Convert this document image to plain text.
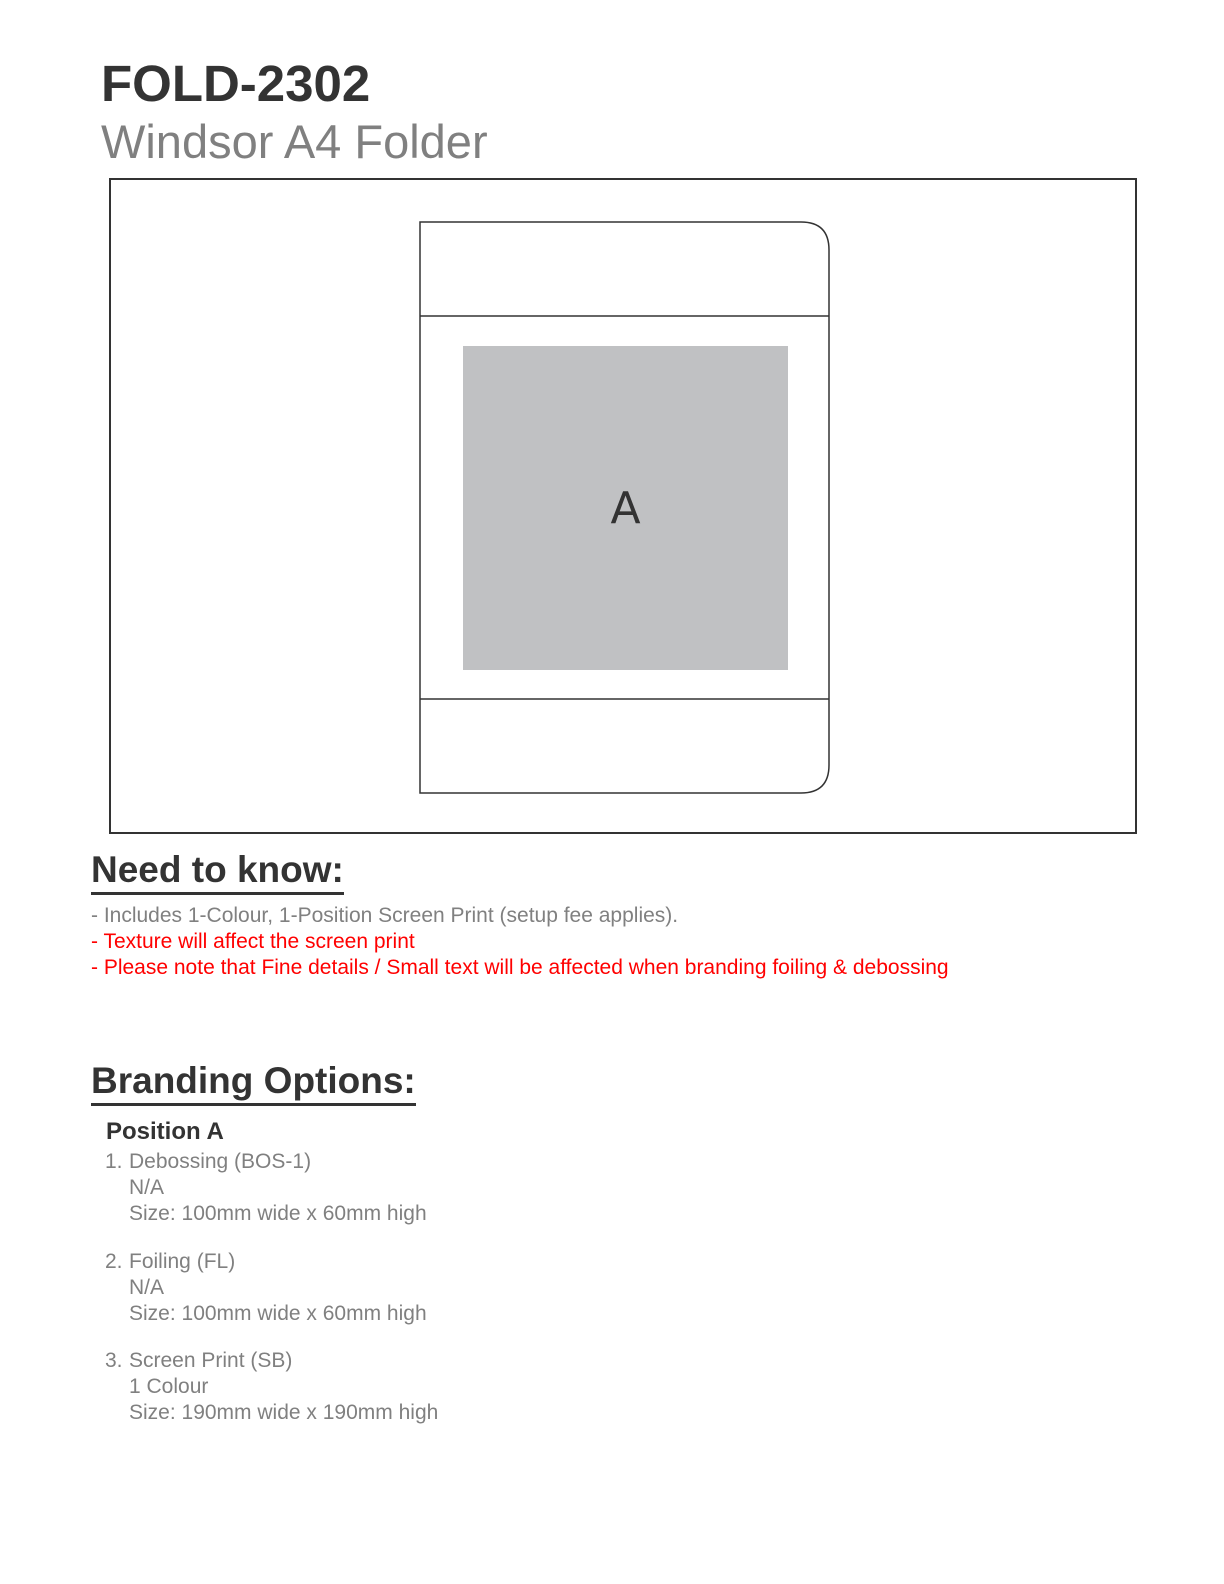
FOLD-2302
Windsor A4 Folder
A
Need to know:
- Includes 1-Colour, 1-Position Screen Print (setup fee applies).
- Texture will affect the screen print
- Please note that Fine details / Small text will be affected when branding foiling & debossing
Branding Options:
Position A
1. Debossing (BOS-1)
N/A
Size: 100mm wide x 60mm high
2. Foiling (FL)
N/A
Size: 100mm wide x 60mm high
3. Screen Print (SB)
1 Colour
Size: 190mm wide x 190mm high
